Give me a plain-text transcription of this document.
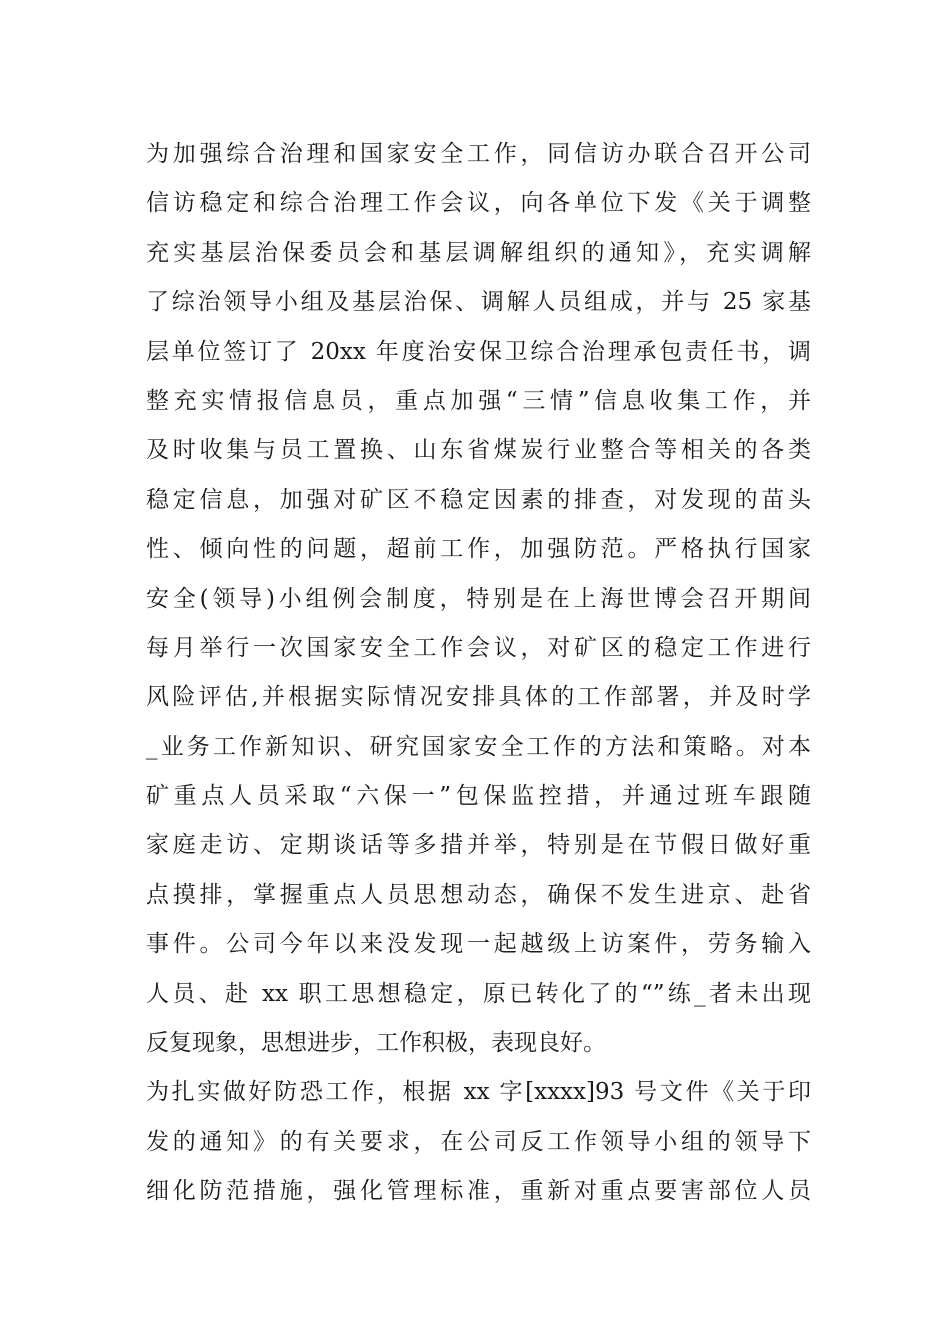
为加强综合治理和国家安全工作，同信访办联合召开公司
信访稳定和综合治理工作会议，向各单位下发《关于调整
充实基层治保委员会和基层调解组织的通知》，充实调解
了综治领导小组及基层治保、调解人员组成，并与 25 家基
层单位签订了 20xx 年度治安保卫综合治理承包责任书，调
整充实情报信息员，重点加强“三情”信息收集工作，并
及时收集与员工置换、山东省煤炭行业整合等相关的各类
稳定信息，加强对矿区不稳定因素的排查，对发现的苗头
性、倾向性的问题，超前工作，加强防范。严格执行国家
安全(领导)小组例会制度，特别是在上海世博会召开期间
每月举行一次国家安全工作会议，对矿区的稳定工作进行
风险评估,并根据实际情况安排具体的工作部署，并及时学
_业务工作新知识、研究国家安全工作的方法和策略。对本
矿重点人员采取“六保一”包保监控措，并通过班车跟随
家庭走访、定期谈话等多措并举，特别是在节假日做好重
点摸排，掌握重点人员思想动态，确保不发生进京、赴省
事件。公司今年以来没发现一起越级上访案件，劳务输入
人员、赴 xx 职工思想稳定，原已转化了的“”练_者未出现
反复现象，思想进步，工作积极，表现良好。
为扎实做好防恐工作，根据 xx 字[xxxx]93 号文件《关于印
发的通知》的有关要求，在公司反工作领导小组的领导下
细化防范措施，强化管理标准，重新对重点要害部位人员
